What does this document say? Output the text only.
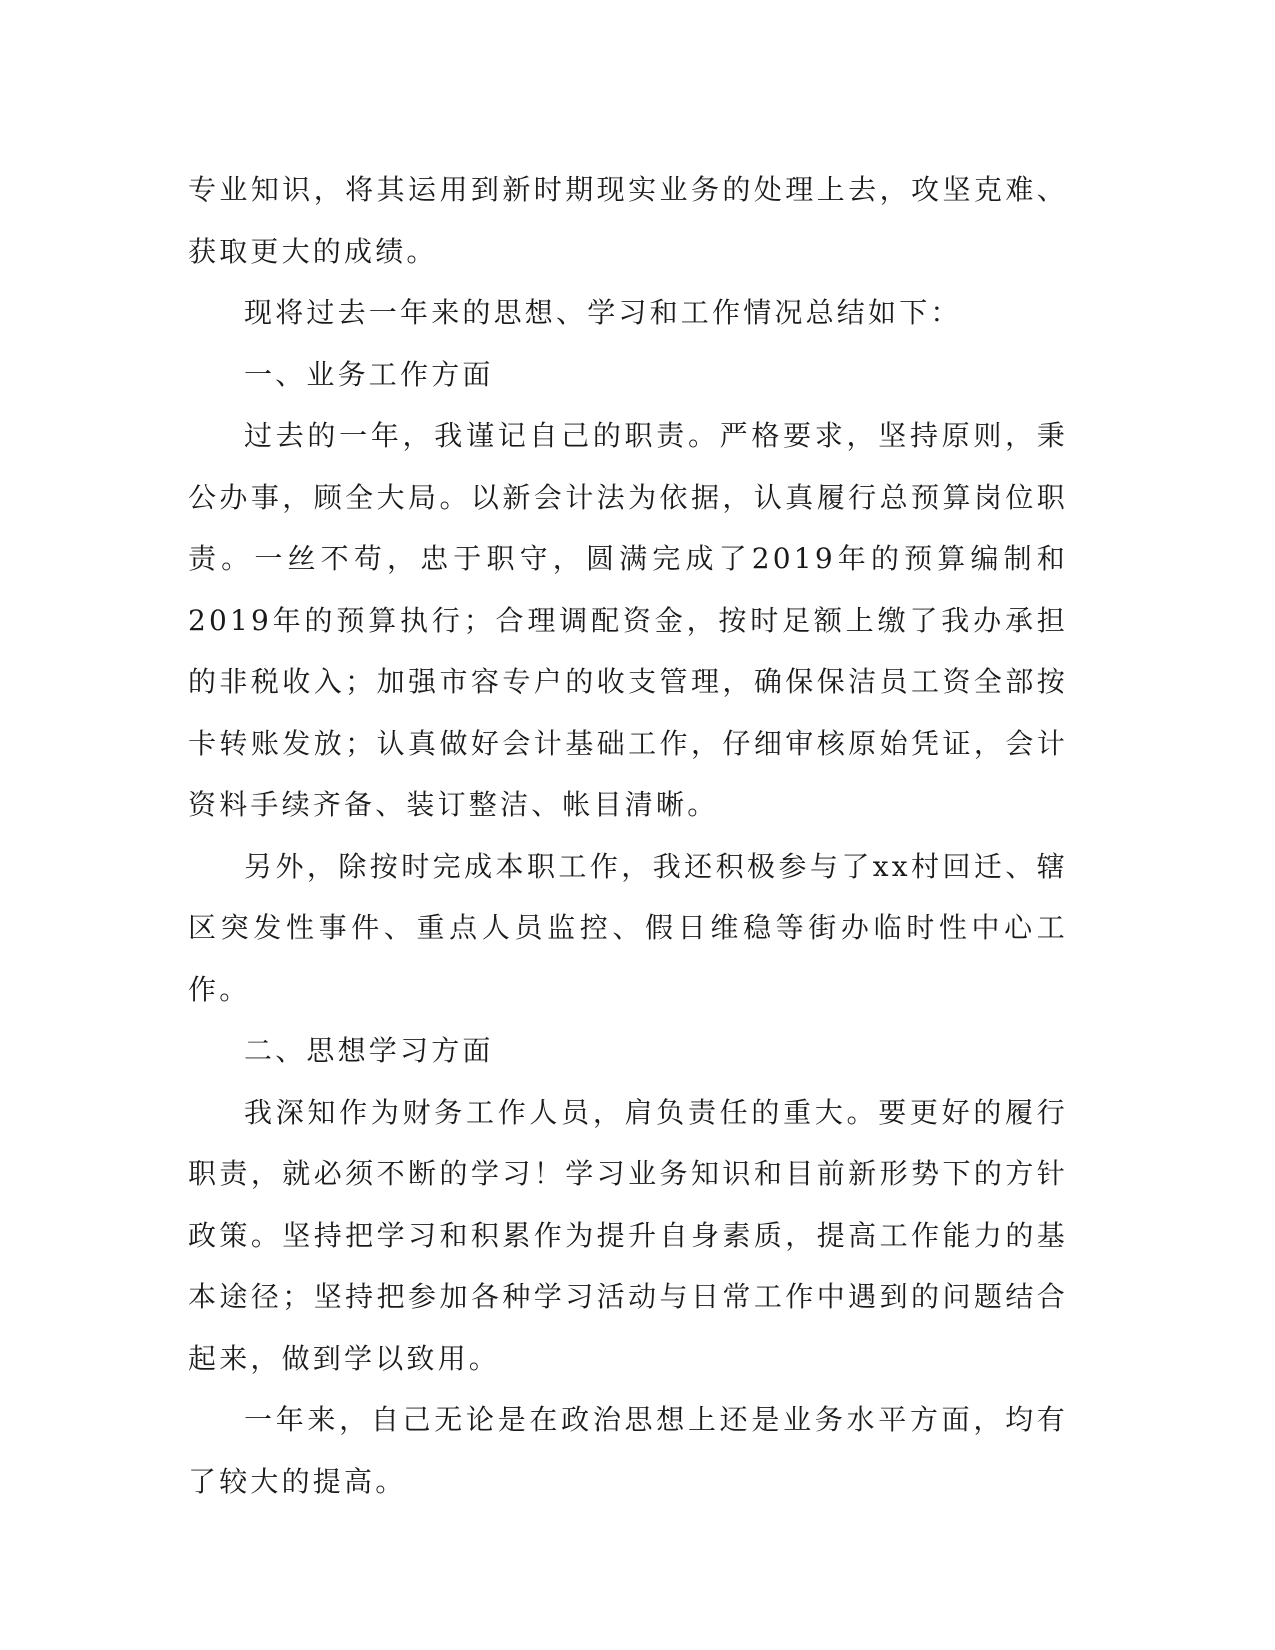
专业知识，将其运用到新时期现实业务的处理上去，攻坚克难、获取更大的成绩。

现将过去一年来的思想、学习和工作情况总结如下：

一、业务工作方面

过去的一年，我谨记自己的职责。严格要求，坚持原则，秉公办事，顾全大局。以新会计法为依据，认真履行总预算岗位职责。一丝不苟，忠于职守，圆满完成了2019年的预算编制和2019年的预算执行；合理调配资金，按时足额上缴了我办承担的非税收入；加强市容专户的收支管理，确保保洁员工资全部按卡转账发放；认真做好会计基础工作，仔细审核原始凭证，会计资料手续齐备、装订整洁、帐目清晰。

另外，除按时完成本职工作，我还积极参与了xx村回迁、辖区突发性事件、重点人员监控、假日维稳等街办临时性中心工作。

二、思想学习方面

我深知作为财务工作人员，肩负责任的重大。要更好的履行职责，就必须不断的学习！学习业务知识和目前新形势下的方针政策。坚持把学习和积累作为提升自身素质，提高工作能力的基本途径；坚持把参加各种学习活动与日常工作中遇到的问题结合起来，做到学以致用。

一年来，自己无论是在政治思想上还是业务水平方面，均有了较大的提高。
